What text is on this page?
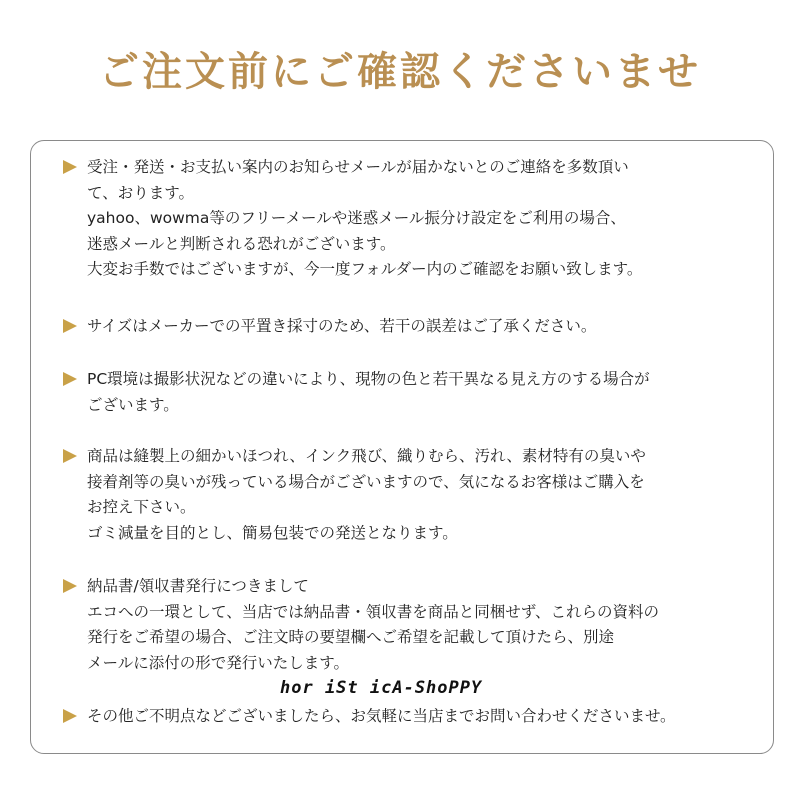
ご注文前にご確認くださいませ

受注・発送・お支払い案内のお知らせメールが届かないとのご連絡を多数頂い

て、おります。

yahoo、wowma等のフリーメールや迷惑メール振分け設定をご利用の場合、

迷惑メールと判断される恐れがございます。

大変お手数ではございますが、今一度フォルダー内のご確認をお願い致します。

サイズはメーカーでの平置き採寸のため、若干の誤差はご了承ください。

PC環境は撮影状況などの違いにより、現物の色と若干異なる見え方のする場合が

ございます。

商品は縫製上の細かいほつれ、インク飛び、織りむら、汚れ、素材特有の臭いや

接着剤等の臭いが残っている場合がございますので、気になるお客様はご購入を

お控え下さい。

ゴミ減量を目的とし、簡易包装での発送となります。

納品書/領収書発行につきまして

エコへの一環として、当店では納品書・領収書を商品と同梱せず、これらの資料の

発行をご希望の場合、ご注文時の要望欄へご希望を記載して頂けたら、別途

メールに添付の形で発行いたします。

その他ご不明点などございましたら、お気軽に当店までお問い合わせくださいませ。

hor iSt icA-ShoPPY
